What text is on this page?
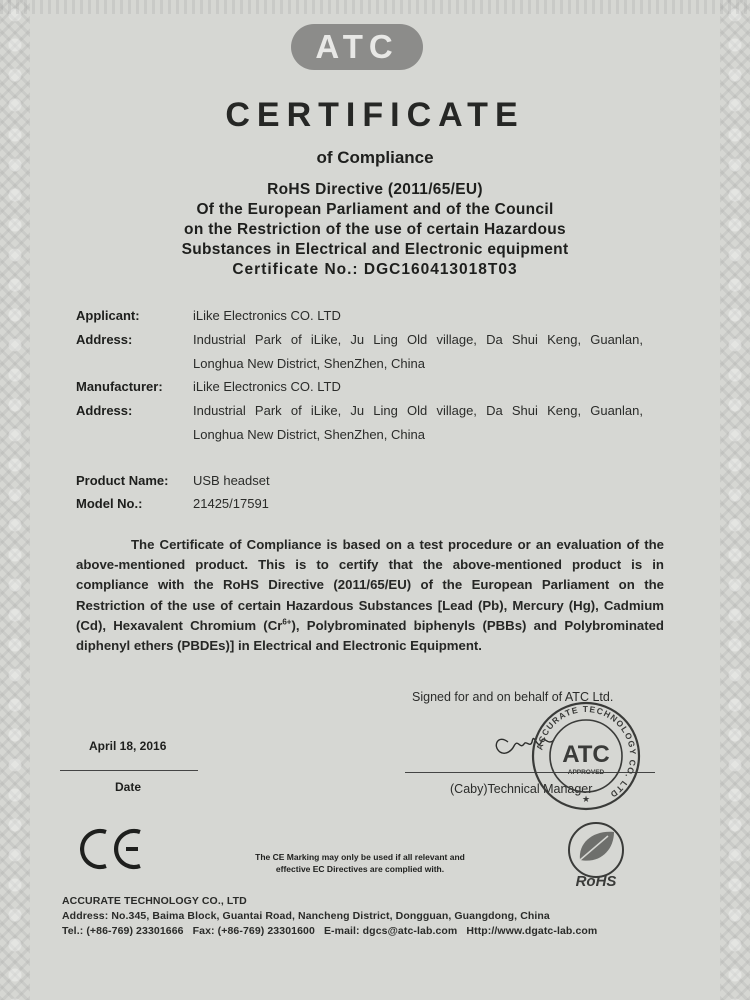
ATC
CERTIFICATE
of Compliance
RoHS Directive (2011/65/EU)
Of the European Parliament and of the Council
on the Restriction of the use of certain Hazardous
Substances in Electrical and Electronic equipment
Certificate No.: DGC160413018T03
Applicant:	iLike Electronics CO. LTD
Address:	Industrial Park of iLike, Ju Ling Old village, Da Shui Keng, Guanlan,
Longhua New District, ShenZhen, China
Manufacturer: iLike Electronics CO. LTD
Address:	Industrial Park of iLike, Ju Ling Old village, Da Shui Keng, Guanlan,
Longhua New District, ShenZhen, China
Product Name: USB headset
Model No.:	21425/17591
The Certificate of Compliance is based on a test procedure or an evaluation of the above-mentioned product. This is to certify that the above-mentioned product is in compliance with the RoHS Directive (2011/65/EU) of the European Parliament on the Restriction of the use of certain Hazardous Substances [Lead (Pb), Mercury (Hg), Cadmium (Cd), Hexavalent Chromium $(Cr^{6+})$, Polybrominated biphenyls (PBBs) and Polybrominated diphenyl ethers (PBDEs)] in Electrical and Electronic Equipment.
Signed for and on behalf of ATC Ltd.
April 18, 2016
Date	(Caby)Technical Manager
ACCURATE TECHNOLOGY CO. LTD
ATC
APPROVED
★
The CE Marking may only be used if all relevant and
effective EC Directives are complied with.
RoHS
ACCURATE TECHNOLOGY CO., LTD
Address: No.345, Baima Block, Guantai Road, Nancheng District, Dongguan, Guangdong, China
Tel.: (+86-769) 23301666   Fax: (+86-769) 23301600   E-mail: dgcs@atc-lab.com   Http://www.dgatc-lab.com
